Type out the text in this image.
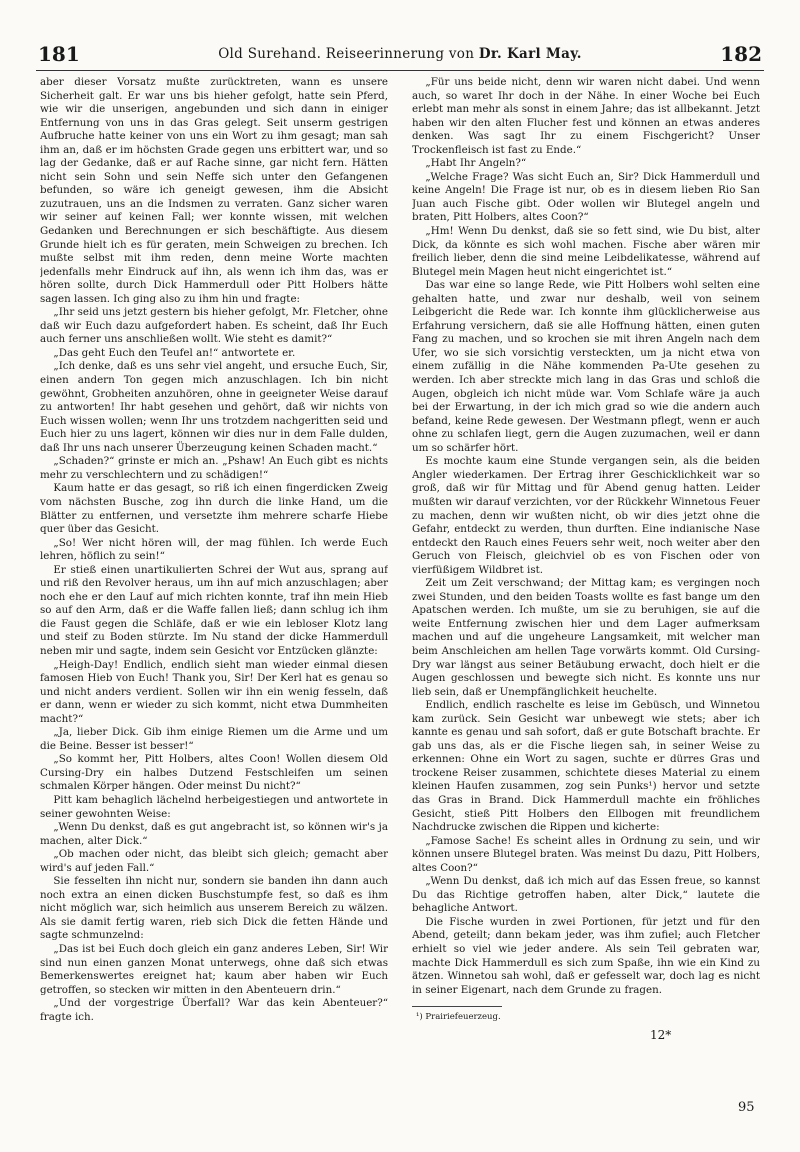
181	Old Surehand. Reiseerinnerung von Dr. Karl May.	182

aber dieser Vorsatz mußte zurücktreten, wann es unsere Sicherheit galt. Er war uns bis hieher gefolgt, hatte sein Pferd, wie wir die unserigen, angebunden und sich dann in einiger Entfernung von uns in das Gras gelegt. Seit unserm gestrigen Aufbruche hatte keiner von uns ein Wort zu ihm gesagt; man sah ihm an, daß er im höchsten Grade gegen uns erbittert war, und so lag der Gedanke, daß er auf Rache sinne, gar nicht fern. Hätten nicht sein Sohn und sein Neffe sich unter den Gefangenen befunden, so wäre ich geneigt gewesen, ihm die Absicht zuzutrauen, uns an die Indsmen zu verraten. Ganz sicher waren wir seiner auf keinen Fall; wer konnte wissen, mit welchen Gedanken und Berechnungen er sich beschäftigte. Aus diesem Grunde hielt ich es für geraten, mein Schweigen zu brechen. Ich mußte selbst mit ihm reden, denn meine Worte machten jedenfalls mehr Eindruck auf ihn, als wenn ich ihm das, was er hören sollte, durch Dick Hammerdull oder Pitt Holbers hätte sagen lassen. Ich ging also zu ihm hin und fragte:

„Ihr seid uns jetzt gestern bis hieher gefolgt, Mr. Fletcher, ohne daß wir Euch dazu aufgefordert haben. Es scheint, daß Ihr Euch auch ferner uns anschließen wollt. Wie steht es damit?“

„Das geht Euch den Teufel an!“ antwortete er.

„Ich denke, daß es uns sehr viel angeht, und ersuche Euch, Sir, einen andern Ton gegen mich anzuschlagen. Ich bin nicht gewöhnt, Grobheiten anzuhören, ohne in geeigneter Weise darauf zu antworten! Ihr habt gesehen und gehört, daß wir nichts von Euch wissen wollen; wenn Ihr uns trotzdem nachgeritten seid und Euch hier zu uns lagert, können wir dies nur in dem Falle dulden, daß Ihr uns nach unserer Überzeugung keinen Schaden macht.“

„Schaden?“ grinste er mich an. „Pshaw! An Euch gibt es nichts mehr zu verschlechtern und zu schädigen!“

Kaum hatte er das gesagt, so riß ich einen fingerdicken Zweig vom nächsten Busche, zog ihn durch die linke Hand, um die Blätter zu entfernen, und versetzte ihm mehrere scharfe Hiebe quer über das Gesicht.

„So! Wer nicht hören will, der mag fühlen. Ich werde Euch lehren, höflich zu sein!“

Er stieß einen unartikulierten Schrei der Wut aus, sprang auf und riß den Revolver heraus, um ihn auf mich anzuschlagen; aber noch ehe er den Lauf auf mich richten konnte, traf ihn mein Hieb so auf den Arm, daß er die Waffe fallen ließ; dann schlug ich ihm die Faust gegen die Schläfe, daß er wie ein lebloser Klotz lang und steif zu Boden stürzte. Im Nu stand der dicke Hammerdull neben mir und sagte, indem sein Gesicht vor Entzücken glänzte:

„Heigh-Day! Endlich, endlich sieht man wieder einmal diesen famosen Hieb von Euch! Thank you, Sir! Der Kerl hat es genau so und nicht anders verdient. Sollen wir ihn ein wenig fesseln, daß er dann, wenn er wieder zu sich kommt, nicht etwa Dummheiten macht?“

„Ja, lieber Dick. Gib ihm einige Riemen um die Arme und um die Beine. Besser ist besser!“

„So kommt her, Pitt Holbers, altes Coon! Wollen diesem Old Cursing-Dry ein halbes Dutzend Festschleifen um seinen schmalen Körper hängen. Oder meinst Du nicht?“

Pitt kam behaglich lächelnd herbeigestiegen und antwortete in seiner gewohnten Weise:

„Wenn Du denkst, daß es gut angebracht ist, so können wir's ja machen, alter Dick.“

„Ob machen oder nicht, das bleibt sich gleich; gemacht aber wird's auf jeden Fall.“

Sie fesselten ihn nicht nur, sondern sie banden ihn dann auch noch extra an einen dicken Buschstumpfe fest, so daß es ihm nicht möglich war, sich heimlich aus unserem Bereich zu wälzen. Als sie damit fertig waren, rieb sich Dick die fetten Hände und sagte schmunzelnd:

„Das ist bei Euch doch gleich ein ganz anderes Leben, Sir! Wir sind nun einen ganzen Monat unterwegs, ohne daß sich etwas Bemerkenswertes ereignet hat; kaum aber haben wir Euch getroffen, so stecken wir mitten in den Abenteuern drin.“

„Und der vorgestrige Überfall? War das kein Abenteuer?“ fragte ich.

„Für uns beide nicht, denn wir waren nicht dabei. Und wenn auch, so waret Ihr doch in der Nähe. In einer Woche bei Euch erlebt man mehr als sonst in einem Jahre; das ist allbekannt. Jetzt haben wir den alten Flucher fest und können an etwas anderes denken. Was sagt Ihr zu einem Fischgericht? Unser Trockenfleisch ist fast zu Ende.“

„Habt Ihr Angeln?“

„Welche Frage? Was sicht Euch an, Sir? Dick Hammerdull und keine Angeln! Die Frage ist nur, ob es in diesem lieben Rio San Juan auch Fische gibt. Oder wollen wir Blutegel angeln und braten, Pitt Holbers, altes Coon?“

„Hm! Wenn Du denkst, daß sie so fett sind, wie Du bist, alter Dick, da könnte es sich wohl machen. Fische aber wären mir freilich lieber, denn die sind meine Leibdelikatesse, während auf Blutegel mein Magen heut nicht eingerichtet ist.“

Das war eine so lange Rede, wie Pitt Holbers wohl selten eine gehalten hatte, und zwar nur deshalb, weil von seinem Leibgericht die Rede war. Ich konnte ihm glücklicherweise aus Erfahrung versichern, daß sie alle Hoffnung hätten, einen guten Fang zu machen, und so krochen sie mit ihren Angeln nach dem Ufer, wo sie sich vorsichtig versteckten, um ja nicht etwa von einem zufällig in die Nähe kommenden Pa-Ute gesehen zu werden. Ich aber streckte mich lang in das Gras und schloß die Augen, obgleich ich nicht müde war. Vom Schlafe wäre ja auch bei der Erwartung, in der ich mich grad so wie die andern auch befand, keine Rede gewesen. Der Westmann pflegt, wenn er auch ohne zu schlafen liegt, gern die Augen zuzumachen, weil er dann um so schärfer hört.

Es mochte kaum eine Stunde vergangen sein, als die beiden Angler wiederkamen. Der Ertrag ihrer Geschicklichkeit war so groß, daß wir für Mittag und für Abend genug hatten. Leider mußten wir darauf verzichten, vor der Rückkehr Winnetous Feuer zu machen, denn wir wußten nicht, ob wir dies jetzt ohne die Gefahr, entdeckt zu werden, thun durften. Eine indianische Nase entdeckt den Rauch eines Feuers sehr weit, noch weiter aber den Geruch von Fleisch, gleichviel ob es von Fischen oder von vierfüßigem Wildbret ist.

Zeit um Zeit verschwand; der Mittag kam; es vergingen noch zwei Stunden, und den beiden Toasts wollte es fast bange um den Apatschen werden. Ich mußte, um sie zu beruhigen, sie auf die weite Entfernung zwischen hier und dem Lager aufmerksam machen und auf die ungeheure Langsamkeit, mit welcher man beim Anschleichen am hellen Tage vorwärts kommt. Old Cursing-Dry war längst aus seiner Betäubung erwacht, doch hielt er die Augen geschlossen und bewegte sich nicht. Es konnte uns nur lieb sein, daß er Unempfänglichkeit heuchelte.

Endlich, endlich raschelte es leise im Gebüsch, und Winnetou kam zurück. Sein Gesicht war unbewegt wie stets; aber ich kannte es genau und sah sofort, daß er gute Botschaft brachte. Er gab uns das, als er die Fische liegen sah, in seiner Weise zu erkennen: Ohne ein Wort zu sagen, suchte er dürres Gras und trockene Reiser zusammen, schichtete dieses Material zu einem kleinen Haufen zusammen, zog sein Punks¹) hervor und setzte das Gras in Brand. Dick Hammerdull machte ein fröhliches Gesicht, stieß Pitt Holbers den Ellbogen mit freundlichem Nachdrucke zwischen die Rippen und kicherte:

„Famose Sache! Es scheint alles in Ordnung zu sein, und wir können unsere Blutegel braten. Was meinst Du dazu, Pitt Holbers, altes Coon?“

„Wenn Du denkst, daß ich mich auf das Essen freue, so kannst Du das Richtige getroffen haben, alter Dick,“ lautete die behagliche Antwort.

Die Fische wurden in zwei Portionen, für jetzt und für den Abend, geteilt; dann bekam jeder, was ihm zufiel; auch Fletcher erhielt so viel wie jeder andere. Als sein Teil gebraten war, machte Dick Hammerdull es sich zum Spaße, ihn wie ein Kind zu ätzen. Winnetou sah wohl, daß er gefesselt war, doch lag es nicht in seiner Eigenart, nach dem Grunde zu fragen.

¹) Prairiefeuerzeug.
12*
95
